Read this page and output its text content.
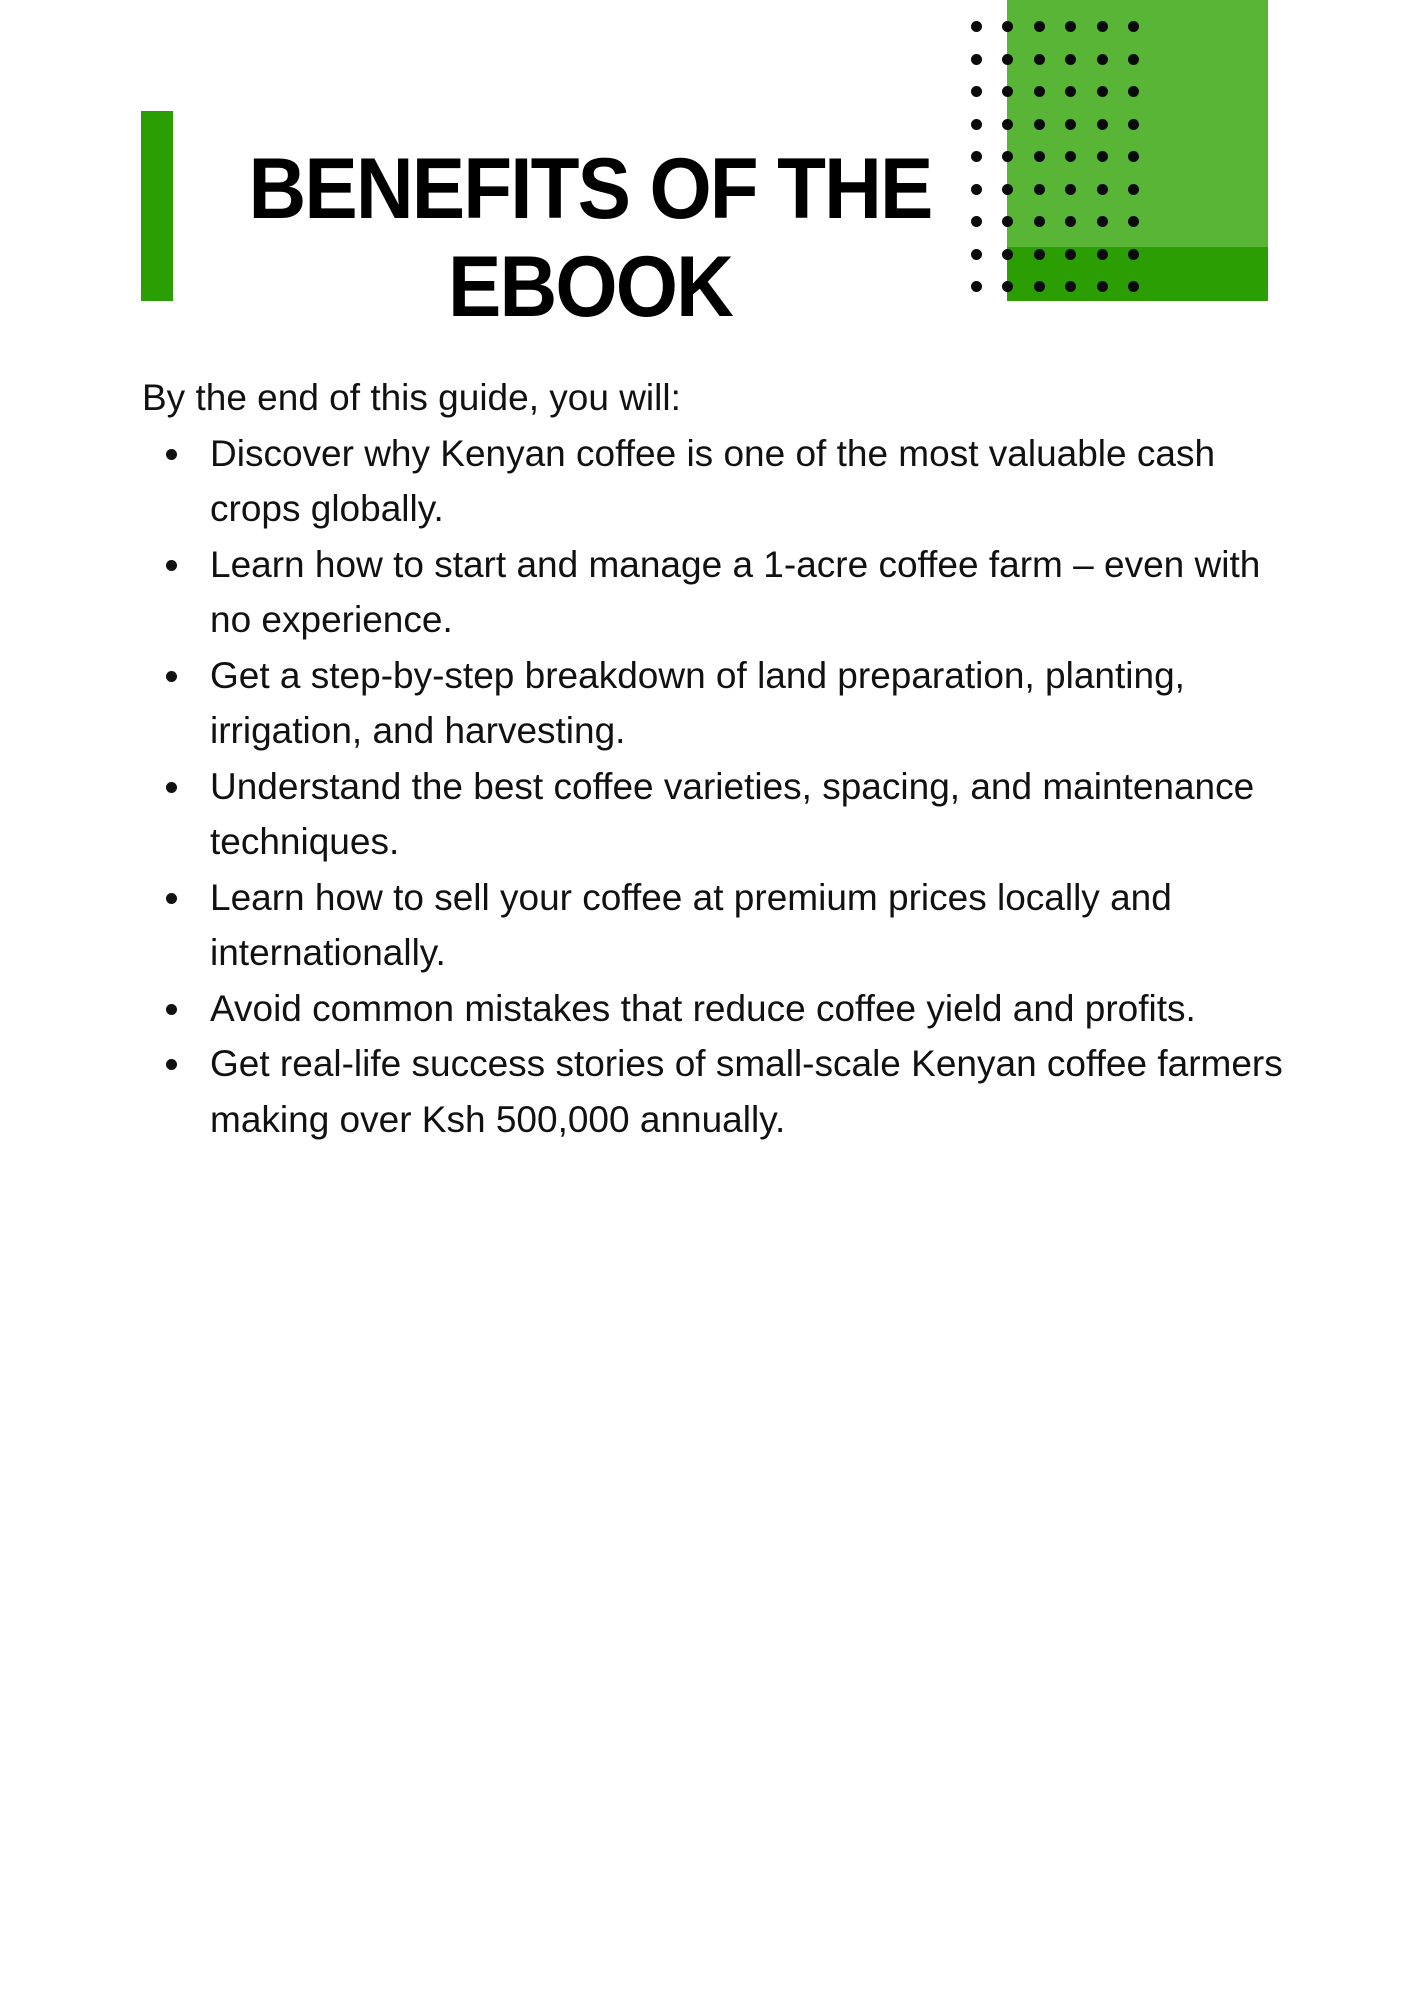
BENEFITS OF THE
EBOOK

By the end of this guide, you will:

Discover why Kenyan coffee is one of the most valuable cash crops globally.
Learn how to start and manage a 1-acre coffee farm – even with no experience.
Get a step-by-step breakdown of land preparation, planting, irrigation, and harvesting.
Understand the best coffee varieties, spacing, and maintenance techniques.
Learn how to sell your coffee at premium prices locally and internationally.
Avoid common mistakes that reduce coffee yield and profits.
Get real-life success stories of small-scale Kenyan coffee farmers making over Ksh 500,000 annually.
